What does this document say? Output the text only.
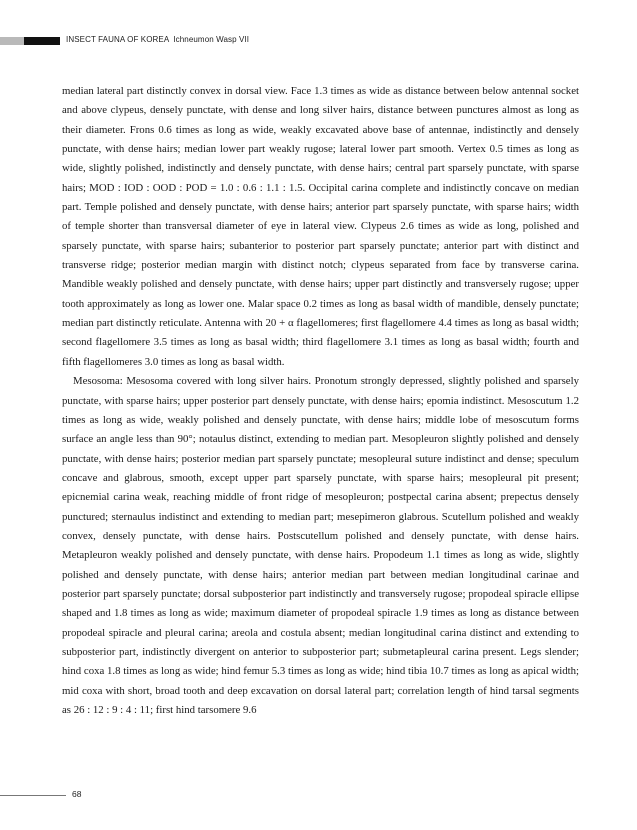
INSECT FAUNA OF KOREA Ichneumon Wasp VII

median lateral part distinctly convex in dorsal view. Face 1.3 times as wide as distance between below antennal socket and above clypeus, densely punctate, with dense and long silver hairs, distance between punctures almost as long as their diameter. Frons 0.6 times as long as wide, weakly excavated above base of antennae, indistinctly and densely punctate, with dense hairs; median lower part weakly rugose; lateral lower part smooth. Vertex 0.5 times as long as wide, slightly polished, indistinctly and densely punctate, with dense hairs; central part sparsely punctate, with sparse hairs; MOD : IOD : OOD : POD = 1.0 : 0.6 : 1.1 : 1.5. Occipital carina complete and indistinctly concave on median part. Temple polished and densely punctate, with dense hairs; anterior part sparsely punctate, with sparse hairs; width of temple shorter than transversal diameter of eye in lateral view. Clypeus 2.6 times as wide as long, polished and sparsely punctate, with sparse hairs; subanterior to posterior part sparsely punctate; anterior part with distinct and transverse ridge; posterior median margin with distinct notch; clypeus separated from face by transverse carina. Mandible weakly polished and densely punctate, with dense hairs; upper part distinctly and transversely rugose; upper tooth approximately as long as lower one. Malar space 0.2 times as long as basal width of mandible, densely punctate; median part distinctly reticulate. Antenna with 20 + α flagellomeres; first flagellomere 4.4 times as long as basal width; second flagellomere 3.5 times as long as basal width; third flagellomere 3.1 times as long as basal width; fourth and fifth flagellomeres 3.0 times as long as basal width.

Mesosoma: Mesosoma covered with long silver hairs. Pronotum strongly depressed, slightly polished and sparsely punctate, with sparse hairs; upper posterior part densely punctate, with dense hairs; epomia indistinct. Mesoscutum 1.2 times as long as wide, weakly polished and densely punctate, with dense hairs; middle lobe of mesoscutum forms surface an angle less than 90°; notaulus distinct, extending to median part. Mesopleuron slightly polished and densely punctate, with dense hairs; posterior median part sparsely punctate; mesopleural suture indistinct and dense; speculum concave and glabrous, smooth, except upper part sparsely punctate, with sparse hairs; mesopleural pit present; epicnemial carina weak, reaching middle of front ridge of mesopleuron; postpectal carina absent; prepectus densely punctured; sternaulus indistinct and extending to median part; mesepimeron glabrous. Scutellum polished and weakly convex, densely punctate, with dense hairs. Postscutellum polished and densely punctate, with dense hairs. Metapleuron weakly polished and densely punctate, with dense hairs. Propodeum 1.1 times as long as wide, slightly polished and densely punctate, with dense hairs; anterior median part between median longitudinal carinae and posterior part sparsely punctate; dorsal subposterior part indistinctly and transversely rugose; propodeal spiracle ellipse shaped and 1.8 times as long as wide; maximum diameter of propodeal spiracle 1.9 times as long as distance between propodeal spiracle and pleural carina; areola and costula absent; median longitudinal carina distinct and extending to subposterior part, indistinctly divergent on anterior to subposterior part; submetapleural carina present. Legs slender; hind coxa 1.8 times as long as wide; hind femur 5.3 times as long as wide; hind tibia 10.7 times as long as apical width; mid coxa with short, broad tooth and deep excavation on dorsal lateral part; correlation length of hind tarsal segments as 26 : 12 : 9 : 4 : 11; first hind tarsomere 9.6

68
